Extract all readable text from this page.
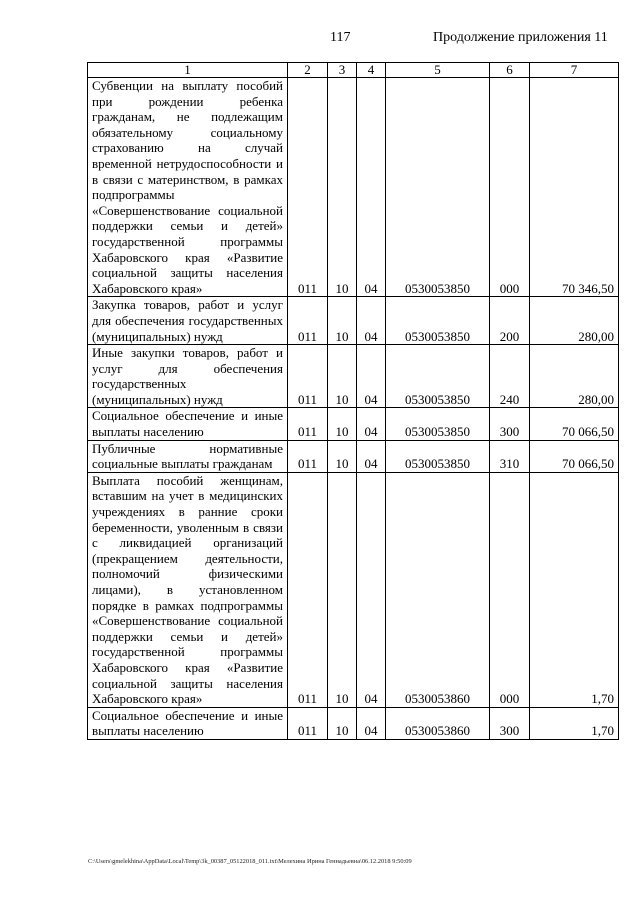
117	Продолжение приложения 11
1	2	3	4	5	6	7
Субвенции на выплату пособий при рождении ребенка гражданам, не подлежащим обязательному социальному страхованию на случай временной нетрудоспособности и в связи с материнством, в рамках подпрограммы «Совершенствование социальной поддержки семьи и детей» государственной программы Хабаровского края «Развитие социальной защиты населения Хабаровского края»	011	10	04	0530053850	000	70 346,50
Закупка товаров, работ и услуг для обеспечения государственных (муниципальных) нужд	011	10	04	0530053850	200	280,00
Иные закупки товаров, работ и услуг для обеспечения государственных (муниципальных) нужд	011	10	04	0530053850	240	280,00
Социальное обеспечение и иные выплаты населению	011	10	04	0530053850	300	70 066,50
Публичные нормативные социальные выплаты гражданам	011	10	04	0530053850	310	70 066,50
Выплата пособий женщинам, вставшим на учет в медицинских учреждениях в ранние сроки беременности, уволенным в связи с ликвидацией организаций (прекращением деятельности, полномочий физическими лицами), в установленном порядке в рамках подпрограммы «Совершенствование социальной поддержки семьи и детей» государственной программы Хабаровского края «Развитие социальной защиты населения Хабаровского края»	011	10	04	0530053860	000	1,70
Социальное обеспечение и иные выплаты населению	011	10	04	0530053860	300	1,70
C:\Users\gmelekhina\AppData\Local\Temp\3k_00387_05122018_011.txt\Мелехина Ирина Геннадьевна\06.12.2018 9:50:09
